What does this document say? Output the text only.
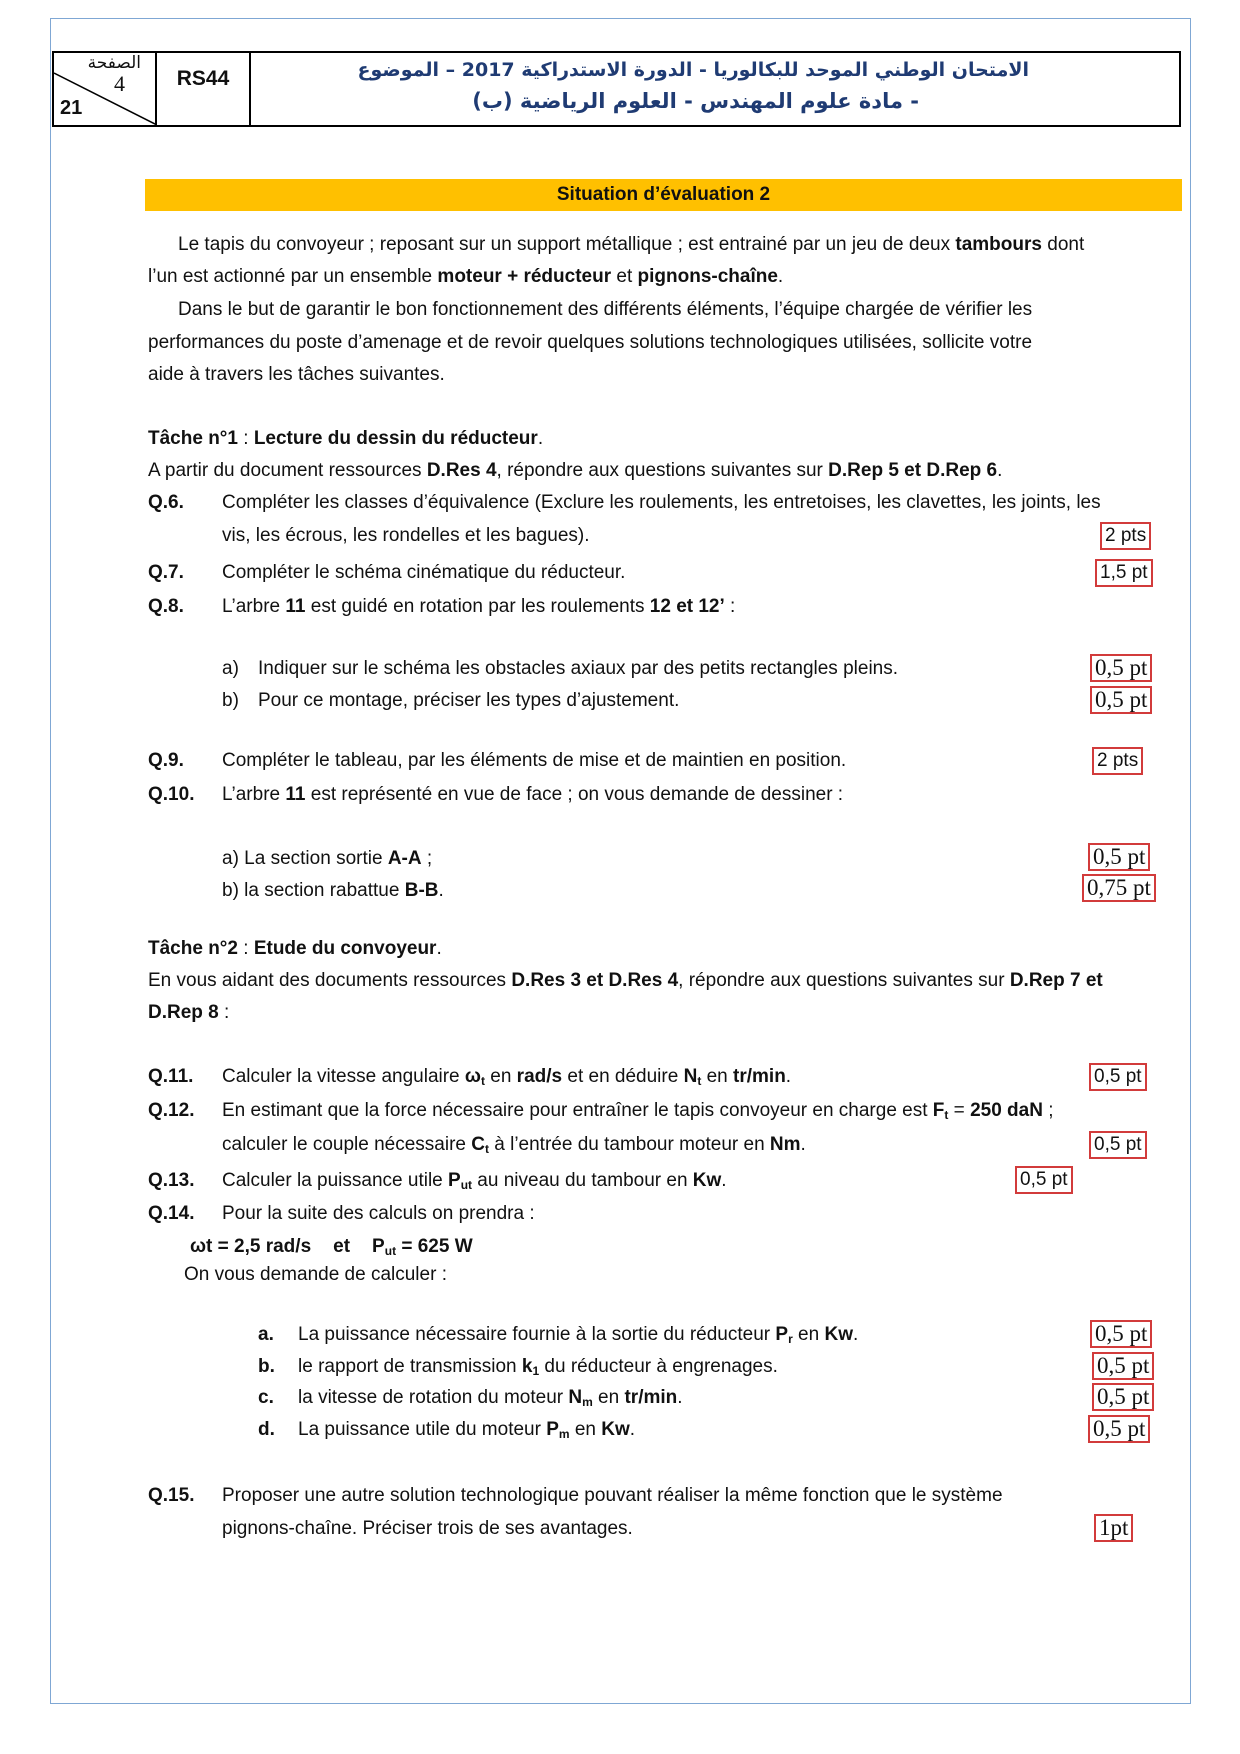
الصفحة
4
21
RS44	الامتحان الوطني الموحد للبكالوريا - الدورة الاستدراكية 2017 – الموضوع
- مادة علوم المهندس - العلوم الرياضية (ب)
Situation d’évaluation 2
Le tapis du convoyeur ; reposant sur un support métallique ; est entrainé par un jeu de deux tambours dont
l’un est actionné par un ensemble moteur + réducteur et pignons-chaîne.
Dans le but de garantir le bon fonctionnement des différents éléments, l’équipe chargée de vérifier les
performances du poste d’amenage et de revoir quelques solutions technologiques utilisées, sollicite votre
aide à travers les tâches suivantes.
Tâche n°1 : Lecture du dessin du réducteur.
A partir du document ressources D.Res 4, répondre aux questions suivantes sur D.Rep 5 et D.Rep 6.
Q.6. Compléter les classes d’équivalence (Exclure les roulements, les entretoises, les clavettes, les joints, les
vis, les écrous, les rondelles et les bagues).	2 pts
Q.7. Compléter le schéma cinématique du réducteur.	1,5 pt
Q.8. L’arbre 11 est guidé en rotation par les roulements 12 et 12’ :
a) Indiquer sur le schéma les obstacles axiaux par des petits rectangles pleins.	0,5 pt
b) Pour ce montage, préciser les types d’ajustement.	0,5 pt
Q.9. Compléter le tableau, par les éléments de mise et de maintien en position.	2 pts
Q.10. L’arbre 11 est représenté en vue de face ; on vous demande de dessiner :
a) La section sortie A-A ;	0,5 pt
b) la section rabattue B-B.	0,75 pt
Tâche n°2 : Etude du convoyeur.
En vous aidant des documents ressources D.Res 3 et D.Res 4, répondre aux questions suivantes sur D.Rep 7 et
D.Rep 8 :
Q.11. Calculer la vitesse angulaire $\omega_t$ en rad/s et en déduire $N_t$ en tr/min.	0,5 pt
Q.12. En estimant que la force nécessaire pour entraîner le tapis convoyeur en charge est $F_t = 250$ daN ;
calculer le couple nécessaire $C_t$ à l’entrée du tambour moteur en Nm.	0,5 pt
Q.13. Calculer la puissance utile $P_{ut}$ au niveau du tambour en Kw.	0,5 pt
Q.14. Pour la suite des calculs on prendra :
ωt = 2,5 rad/s et $P_{ut} = 625$ W
On vous demande de calculer :
a. La puissance nécessaire fournie à la sortie du réducteur $P_r$ en Kw.	0,5 pt
b. le rapport de transmission $k_1$ du réducteur à engrenages.	0,5 pt
c. la vitesse de rotation du moteur $N_m$ en tr/min.	0,5 pt
d. La puissance utile du moteur $P_m$ en Kw.	0,5 pt
Q.15. Proposer une autre solution technologique pouvant réaliser la même fonction que le système
pignons-chaîne. Préciser trois de ses avantages.	1pt
